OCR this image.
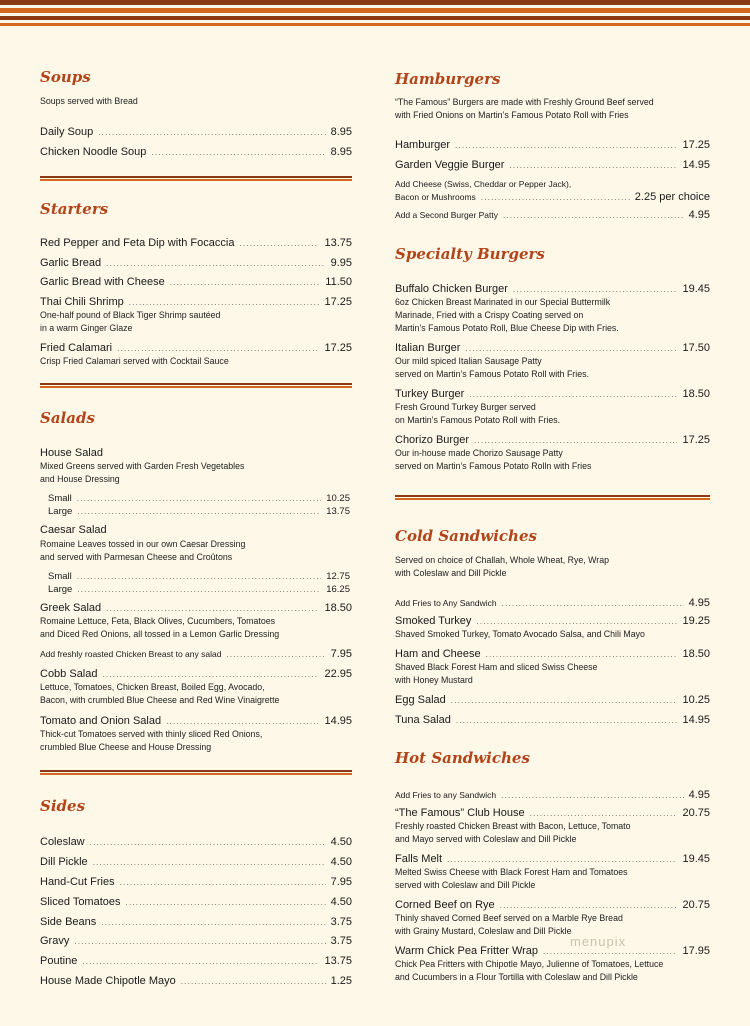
Soups
Soups served with Bread
Daily Soup .....	8.95
Chicken Noodle Soup .....	8.95
Starters
Red Pepper and Feta Dip with Focaccia .....	13.75
Garlic Bread .....	9.95
Garlic Bread with Cheese .....	11.50
Thai Chili Shrimp .....	17.25
One-half pound of Black Tiger Shrimp sautéed
in a warm Ginger Glaze
Fried Calamari .....	17.25
Crisp Fried Calamari served with Cocktail Sauce
Salads
House Salad
Mixed Greens served with Garden Fresh Vegetables
and House Dressing
Small .....	10.25
Large .....	13.75
Caesar Salad
Romaine Leaves tossed in our own Caesar Dressing
and served with Parmesan Cheese and Croûtons
Small .....	12.75
Large .....	16.25
Greek Salad .....	18.50
Romaine Lettuce, Feta, Black Olives, Cucumbers, Tomatoes
and Diced Red Onions, all tossed in a Lemon Garlic Dressing
Add freshly roasted Chicken Breast to any salad .....	7.95
Cobb Salad .....	22.95
Lettuce, Tomatoes, Chicken Breast, Boiled Egg, Avocado,
Bacon, with crumbled Blue Cheese and Red Wine Vinaigrette
Tomato and Onion Salad .....	14.95
Thick-cut Tomatoes served with thinly sliced Red Onions,
crumbled Blue Cheese and House Dressing
Sides
Coleslaw .....	4.50
Dill Pickle .....	4.50
Hand-Cut Fries .....	7.95
Sliced Tomatoes .....	4.50
Side Beans .....	3.75
Gravy .....	3.75
Poutine .....	13.75
House Made Chipotle Mayo .....	1.25
Hamburgers
“The Famous” Burgers are made with Freshly Ground Beef served
with Fried Onions on Martin’s Famous Potato Roll with Fries
Hamburger .....	17.25
Garden Veggie Burger .....	14.95
Add Cheese (Swiss, Cheddar or Pepper Jack),
Bacon or Mushrooms .....	2.25 per choice
Add a Second Burger Patty .....	4.95
Specialty Burgers
Buffalo Chicken Burger .....	19.45
6oz Chicken Breast Marinated in our Special Buttermilk
Marinade, Fried with a Crispy Coating served on
Martin’s Famous Potato Roll, Blue Cheese Dip with Fries.
Italian Burger .....	17.50
Our mild spiced Italian Sausage Patty
served on Martin’s Famous Potato Roll with Fries.
Turkey Burger .....	18.50
Fresh Ground Turkey Burger served
on Martin’s Famous Potato Roll with Fries.
Chorizo Burger .....	17.25
Our in-house made Chorizo Sausage Patty
served on Martin’s Famous Potato Rolln with Fries
Cold Sandwiches
Served on choice of Challah, Whole Wheat, Rye, Wrap
with Coleslaw and Dill Pickle
Add Fries to Any Sandwich .....	4.95
Smoked Turkey .....	19.25
Shaved Smoked Turkey, Tomato Avocado Salsa, and Chili Mayo
Ham and Cheese .....	18.50
Shaved Black Forest Ham and sliced Swiss Cheese
with Honey Mustard
Egg Salad .....	10.25
Tuna Salad .....	14.95
Hot Sandwiches
Add Fries to any Sandwich .....	4.95
“The Famous” Club House .....	20.75
Freshly roasted Chicken Breast with Bacon, Lettuce, Tomato
and Mayo served with Coleslaw and Dill Pickle
Falls Melt .....	19.45
Melted Swiss Cheese with Black Forest Ham and Tomatoes
served with Coleslaw and Dill Pickle
Corned Beef on Rye .....	20.75
Thinly shaved Corned Beef served on a Marble Rye Bread
with Grainy Mustard, Coleslaw and Dill Pickle
Warm Chick Pea Fritter Wrap .....	17.95
Chick Pea Fritters with Chipotle Mayo, Julienne of Tomatoes, Lettuce
and Cucumbers in a Flour Tortilla with Coleslaw and Dill Pickle
menupix
